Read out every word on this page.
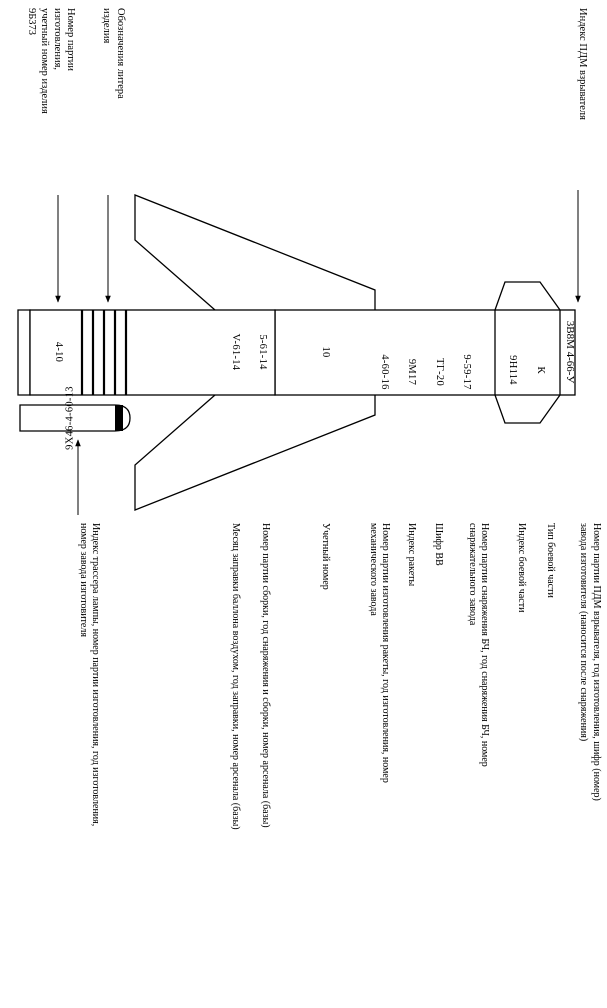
3В8М 4-66-У
К
9Н114
9-59-17
ТГ-20
9М17
4-60-16
10
5-61-14
V-61-14
4-10
9Х46-4-60-13
Индекс ПДМ взрывателя
Обозначения литера
изделия
Номер партии
изготовления,
учетный номер изделия
9Б373
Номер партии ПДМ взрывателя, год изготовления, шифр (номер)
завода изготовителя (наносится после снаряжения)
Тип боевой части
Индекс боевой части
Номер партии снаряжения БЧ, год снаряжения БЧ, номер
снаряжательного завода
Шифр ВВ
Индекс ракеты
Номер партии изготовления ракеты, год изготовления, номер
механического завода
Учетный номер
Номер партии сборки, год снаряжения и сборки, номер арсенала (базы)
Месяц заправки баллона воздухом, год заправки, номер арсенала (базы)
Индекс трассера лампы, номер партии изготовления, год изготовления,
номер завода изготовителя
